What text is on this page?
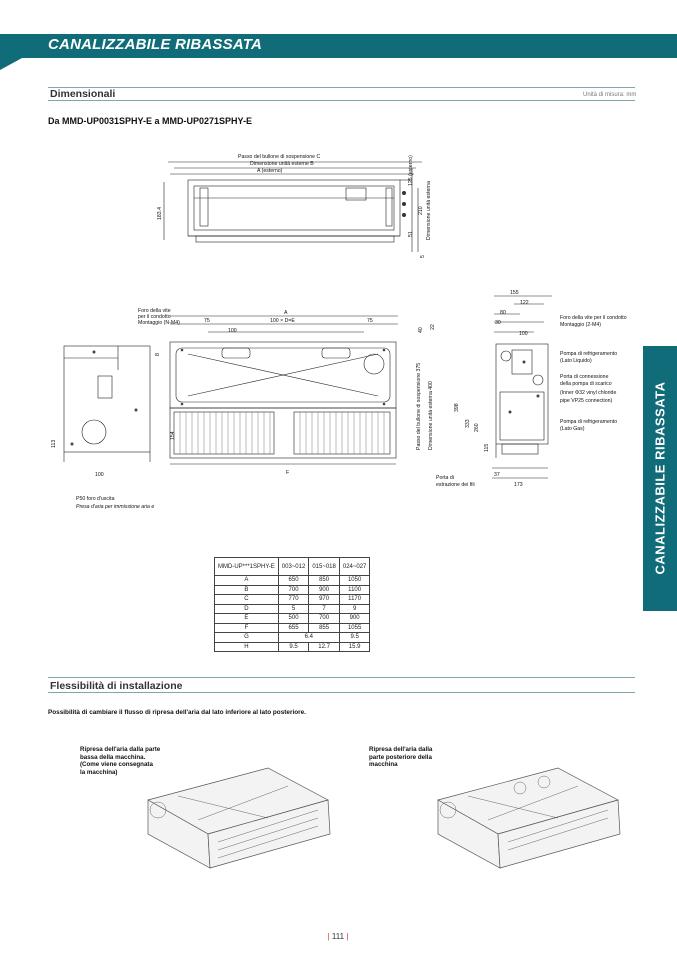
CANALIZZABILE RIBASSATA
CANALIZZABILE RIBASSATA
Dimensionali	Unità di misura: mm
Da MMD-UP0031SPHY-E a MMD-UP0271SPHY-E
Passo del bullone di sospensione C
Dimensione unità esterne B
A (esterno)
183.4
125 (esterno)
210 Dimensione unità esterna
51
5
100
113
P50 foro d'uscita
Presa d'aria per immissione aria e
Foro della vite
per il condotto
Montaggio (N-M4)
A
75	100 × D=E	75
100
8
154
F
40
22
Passo del bullone di sospensione 375 Dimensione unità esterna 400
155
122
80
30
100
398
333 260
115
37
173
Foro della vite per il condotto
Montaggio (2-M4)
Pompa di refrigeramento
(Lato Liquido)
Porta di connessione
della pompa di scarico
(Inner Φ32 vinyl chloride
pipe VP25 connection)
Pompa di refrigeramento
(Lato Gas)
Porta di
estrazione dei fili
MMD-UP***1SPHY-E	003~012	015~018	024~027
A	650	850	1050
B	700	900	1100
C	770	970	1170
D	5	7	9
E	500	700	900
F	655	855	1055
G	6.4		9.5
H	9.5	12.7	15.9
Flessibilità di installazione
Possibilità di cambiare il flusso di ripresa dell'aria dal lato inferiore al lato posteriore.
Ripresa dell'aria dalla parte
bassa della macchina.
(Come viene consegnata
la macchina)
Ripresa dell'aria dalla
parte posteriore della
macchina
| 111 |
